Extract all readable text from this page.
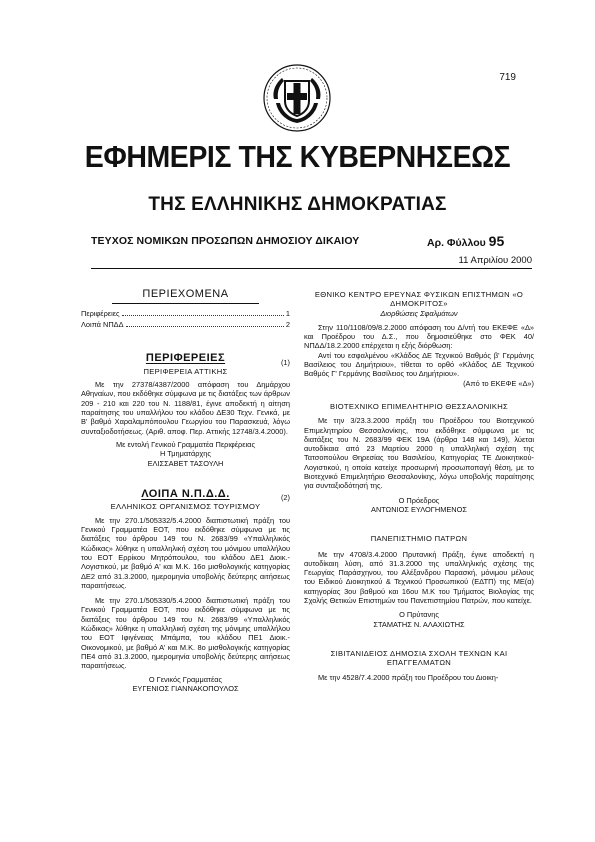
719
ΕΦΗΜΕΡΙΣ ΤΗΣ ΚΥΒΕΡΝΗΣΕΩΣ
ΤΗΣ ΕΛΛΗΝΙΚΗΣ ΔΗΜΟΚΡΑΤΙΑΣ
ΤΕΥΧΟΣ ΝΟΜΙΚΩΝ ΠΡΟΣΩΠΩΝ ΔΗΜΟΣΙΟΥ ΔΙΚΑΙΟΥ	Αρ. Φύλλου 95
11 Απριλίου 2000

ΠΕΡΙΕΧΟΜΕΝΑ

Περιφέρειες	1
Λοιπά ΝΠΔΔ	2

ΠΕΡΙΦΕΡΕΙΕΣ	(1)

ΠΕΡΙΦΕΡΕΙΑ ΑΤΤΙΚΗΣ

Με την 27378/4387/2000 απόφαση του Δημάρχου Αθηναίων, που εκδόθηκε σύμφωνα με τις διατάξεις των άρθρων 209 - 210 και 220 του Ν. 1188/81, έγινε αποδεκτή η αίτηση παραίτησης του υπαλλήλου του κλάδου ΔΕ30 Τεχν. Γενικά, με Β' βαθμό Χαραλαμπόπουλου Γεωργίου του Παρασκευά, λόγω συνταξιοδοτήσεως. (Αριθ. αποφ. Περ. Αττικής 12748/3.4.2000).

Με εντολή Γενικού Γραμματέα Περιφέρειας

Η Τμηματάρχης

ΕΛΙΣΣΑΒΕΤ ΤΑΣΟΥΛΗ

ΛΟΙΠΑ Ν.Π.Δ.Δ.	(2)

ΕΛΛΗΝΙΚΟΣ ΟΡΓΑΝΙΣΜΟΣ ΤΟΥΡΙΣΜΟΥ

Με την 270.1/505332/5.4.2000 διαπιστωτική πράξη του Γενικού Γραμματέα ΕΟΤ, που εκδόθηκε σύμφωνα με τις διατάξεις του άρθρου 149 του Ν. 2683/99 «Υπαλληλικός Κώδικας» λύθηκε η υπαλληλική σχέση του μόνιμου υπαλλήλου του ΕΟΤ Ερρίκου Μητρόπουλου, του κλάδου ΔΕ1 Διοικ.-Λογιστικού, με βαθμό Α' και Μ.Κ. 16ο μισθολογικής κατηγορίας ΔΕ2 από 31.3.2000, ημερομηνία υποβολής δεύτερης αιτήσεως παραιτήσεως.

Με την 270.1/505330/5.4.2000 διαπιστωτική πράξη του Γενικού Γραμματέα ΕΟΤ, που εκδόθηκε σύμφωνα με τις διατάξεις του άρθρου 149 του Ν. 2683/99 «Υπαλληλικός Κώδικας» λύθηκε η υπαλληλική σχέση της μόνιμης υπαλλήλου του ΕΟΤ Ιφιγένειας Μπάμπα, του κλάδου ΠΕ1 Διοικ.-Οικονομικού, με βαθμό Α' και Μ.Κ. 8ο μισθολογικής κατηγορίας ΠΕ4 από 31.3.2000, ημερομηνία υποβολής δεύτερης αιτήσεως παραιτήσεως.

Ο Γενικός Γραμματέας

ΕΥΓΕΝΙΟΣ ΓΙΑΝΝΑΚΟΠΟΥΛΟΣ

ΕΘΝΙΚΟ ΚΕΝΤΡΟ ΕΡΕΥΝΑΣ ΦΥΣΙΚΩΝ ΕΠΙΣΤΗΜΩΝ «Ο ΔΗΜΟΚΡΙΤΟΣ»

Διορθώσεις Σφαλμάτων

Στην 110/1108/09/8.2.2000 απόφαση του Δ/ντή του ΕΚΕΦΕ «Δ» και Προέδρου του Δ.Σ., που δημοσιεύθηκε στο ΦΕΚ 40/ΝΠΔΔ/18.2.2000 επέρχεται η εξής διόρθωση:

Αντί του εσφαλμένου «Κλάδος ΔΕ Τεχνικού Βαθμός β' Γερμάνης Βασίλειος του Δημήτριου», τίθεται το ορθό «Κλάδος ΔΕ Τεχνικού Βαθμός Γ' Γερμάνης Βασίλειος του Δημήτριου».

(Από το ΕΚΕΦΕ «Δ»)

ΒΙΟΤΕΧΝΙΚΟ ΕΠΙΜΕΛΗΤΗΡΙΟ ΘΕΣΣΑΛΟΝΙΚΗΣ

Με την 3/23.3.2000 πράξη του Προέδρου του Βιοτεχνικού Επιμελητηρίου Θεσσαλονίκης, που εκδόθηκε σύμφωνα με τις διατάξεις του Ν. 2683/99 ΦΕΚ 19Α (άρθρα 148 και 149), λύεται αυτοδίκαια από 23 Μαρτίου 2000 η υπαλληλική σχέση της Τατσοπούλου Θηρεσίας του Βασιλείου, Κατηγορίας ΤΕ Διοικητικού-Λογιστικού, η οποία κατείχε προσωρινή προσωποπαγή θέση, με το Βιοτεχνικό Επιμελητήριο Θεσσαλονίκης, λόγω υποβολής παραίτησης για συνταξιοδότησή της.

Ο Πρόεδρος

ΑΝΤΩΝΙΟΣ ΕΥΛΟΓΗΜΕΝΟΣ

ΠΑΝΕΠΙΣΤΗΜΙΟ ΠΑΤΡΩΝ

Με την 4708/3.4.2000 Πρυτανική Πράξη, έγινε αποδεκτή η αυτοδίκαιη λύση, από 31.3.2000 της υπαλληλικής σχέσης της Γεωργίας Παράσχηνου, του Αλέξανδρου Παρασκή, μόνιμου μέλους του Ειδικού Διοικητικού & Τεχνικού Προσωπικού (ΕΔΤΠ) της ΜΕ(α) κατηγορίας 3ου βαθμού και 16ου Μ.Κ του Τμήματος Βιολογίας της Σχολής Θετικών Επιστημών του Πανεπιστημίου Πατρών, που κατείχε.

Ο Πρύτανης

ΣΤΑΜΑΤΗΣ Ν. ΑΛΑΧΙΩΤΗΣ

ΣΙΒΙΤΑΝΙΔΕΙΟΣ ΔΗΜΟΣΙΑ ΣΧΟΛΗ ΤΕΧΝΩΝ ΚΑΙ ΕΠΑΓΓΕΛΜΑΤΩΝ

Με την 4528/7.4.2000 πράξη του Προέδρου του Διοικη-
